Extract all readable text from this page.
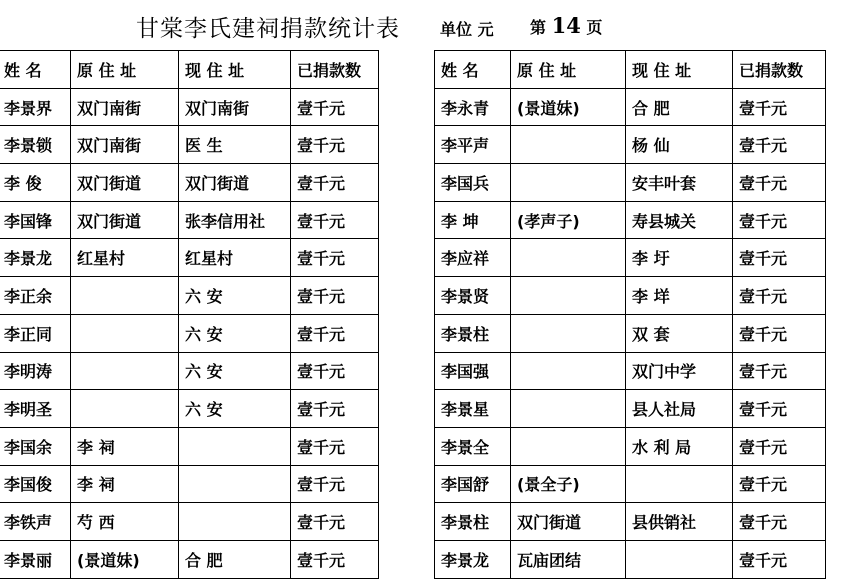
甘棠李氏建祠捐款统计表	单位 元 第 14 页
姓 名	原 住 址	现 住 址	已捐款数
李景界	双门南街	双门南街	壹千元
李景锁	双门南街	医 生	壹千元
李 俊	双门街道	双门街道	壹千元
李国锋	双门街道	张李信用社	壹千元
李景龙	红星村	红星村	壹千元
李正余		六 安	壹千元
李正同		六 安	壹千元
李明涛		六 安	壹千元
李明圣		六 安	壹千元
李国余	李 祠		壹千元
李国俊	李 祠		壹千元
李铁声	芍 西		壹千元
李景丽	(景道妹)	合 肥	壹千元
姓 名	原 住 址	现 住 址	已捐款数
李永青	(景道妹)	合 肥	壹千元
李平声		杨 仙	壹千元
李国兵		安丰叶套	壹千元
李 坤	(孝声子)	寿县城关	壹千元
李应祥		李 圩	壹千元
李景贤		李 垟	壹千元
李景柱		双 套	壹千元
李国强		双门中学	壹千元
李景星		县人社局	壹千元
李景全		水 利 局	壹千元
李国舒	(景全子)		壹千元
李景柱	双门街道	县供销社	壹千元
李景龙	瓦庙团结		壹千元
